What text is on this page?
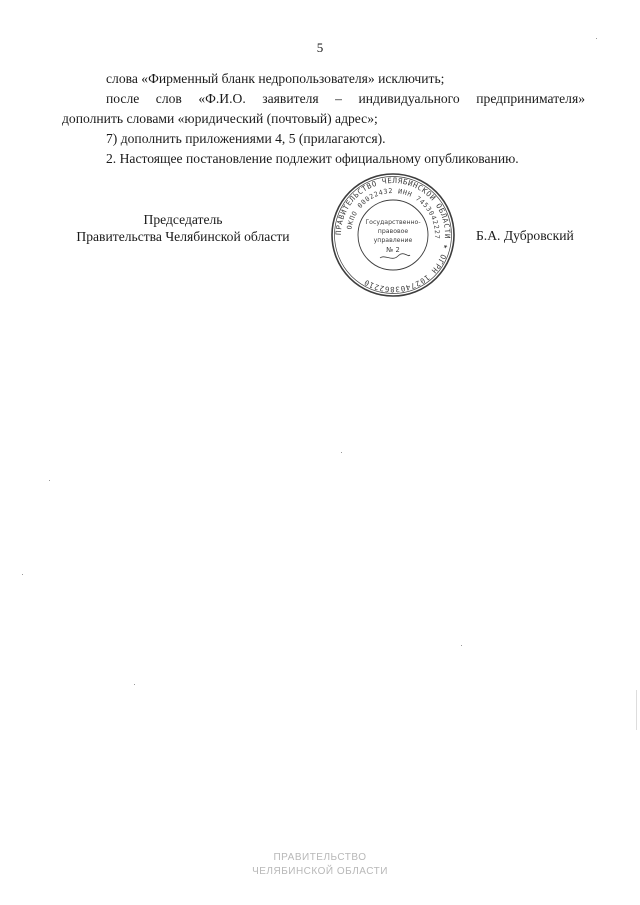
5

слова «Фирменный бланк недропользователя» исключить;

после слов «Ф.И.О. заявителя – индивидуального предпринимателя»

дополнить словами «юридический (почтовый) адрес»;

7) дополнить приложениями 4, 5 (прилагаются).

2. Настоящее постановление подлежит официальному опубликованию.

Председатель
Правительства Челябинской области	Б.А. Дубровский
ПРАВИТЕЛЬСТВО ЧЕЛЯБИНСКОЙ ОБЛАСТИ ★ ОГРН 1027403862210
ОКПО 00022432 ИНН 7453042227
Государственно-
правовое
управление
№ 2
ПРАВИТЕЛЬСТВО
ЧЕЛЯБИНСКОЙ ОБЛАСТИ
